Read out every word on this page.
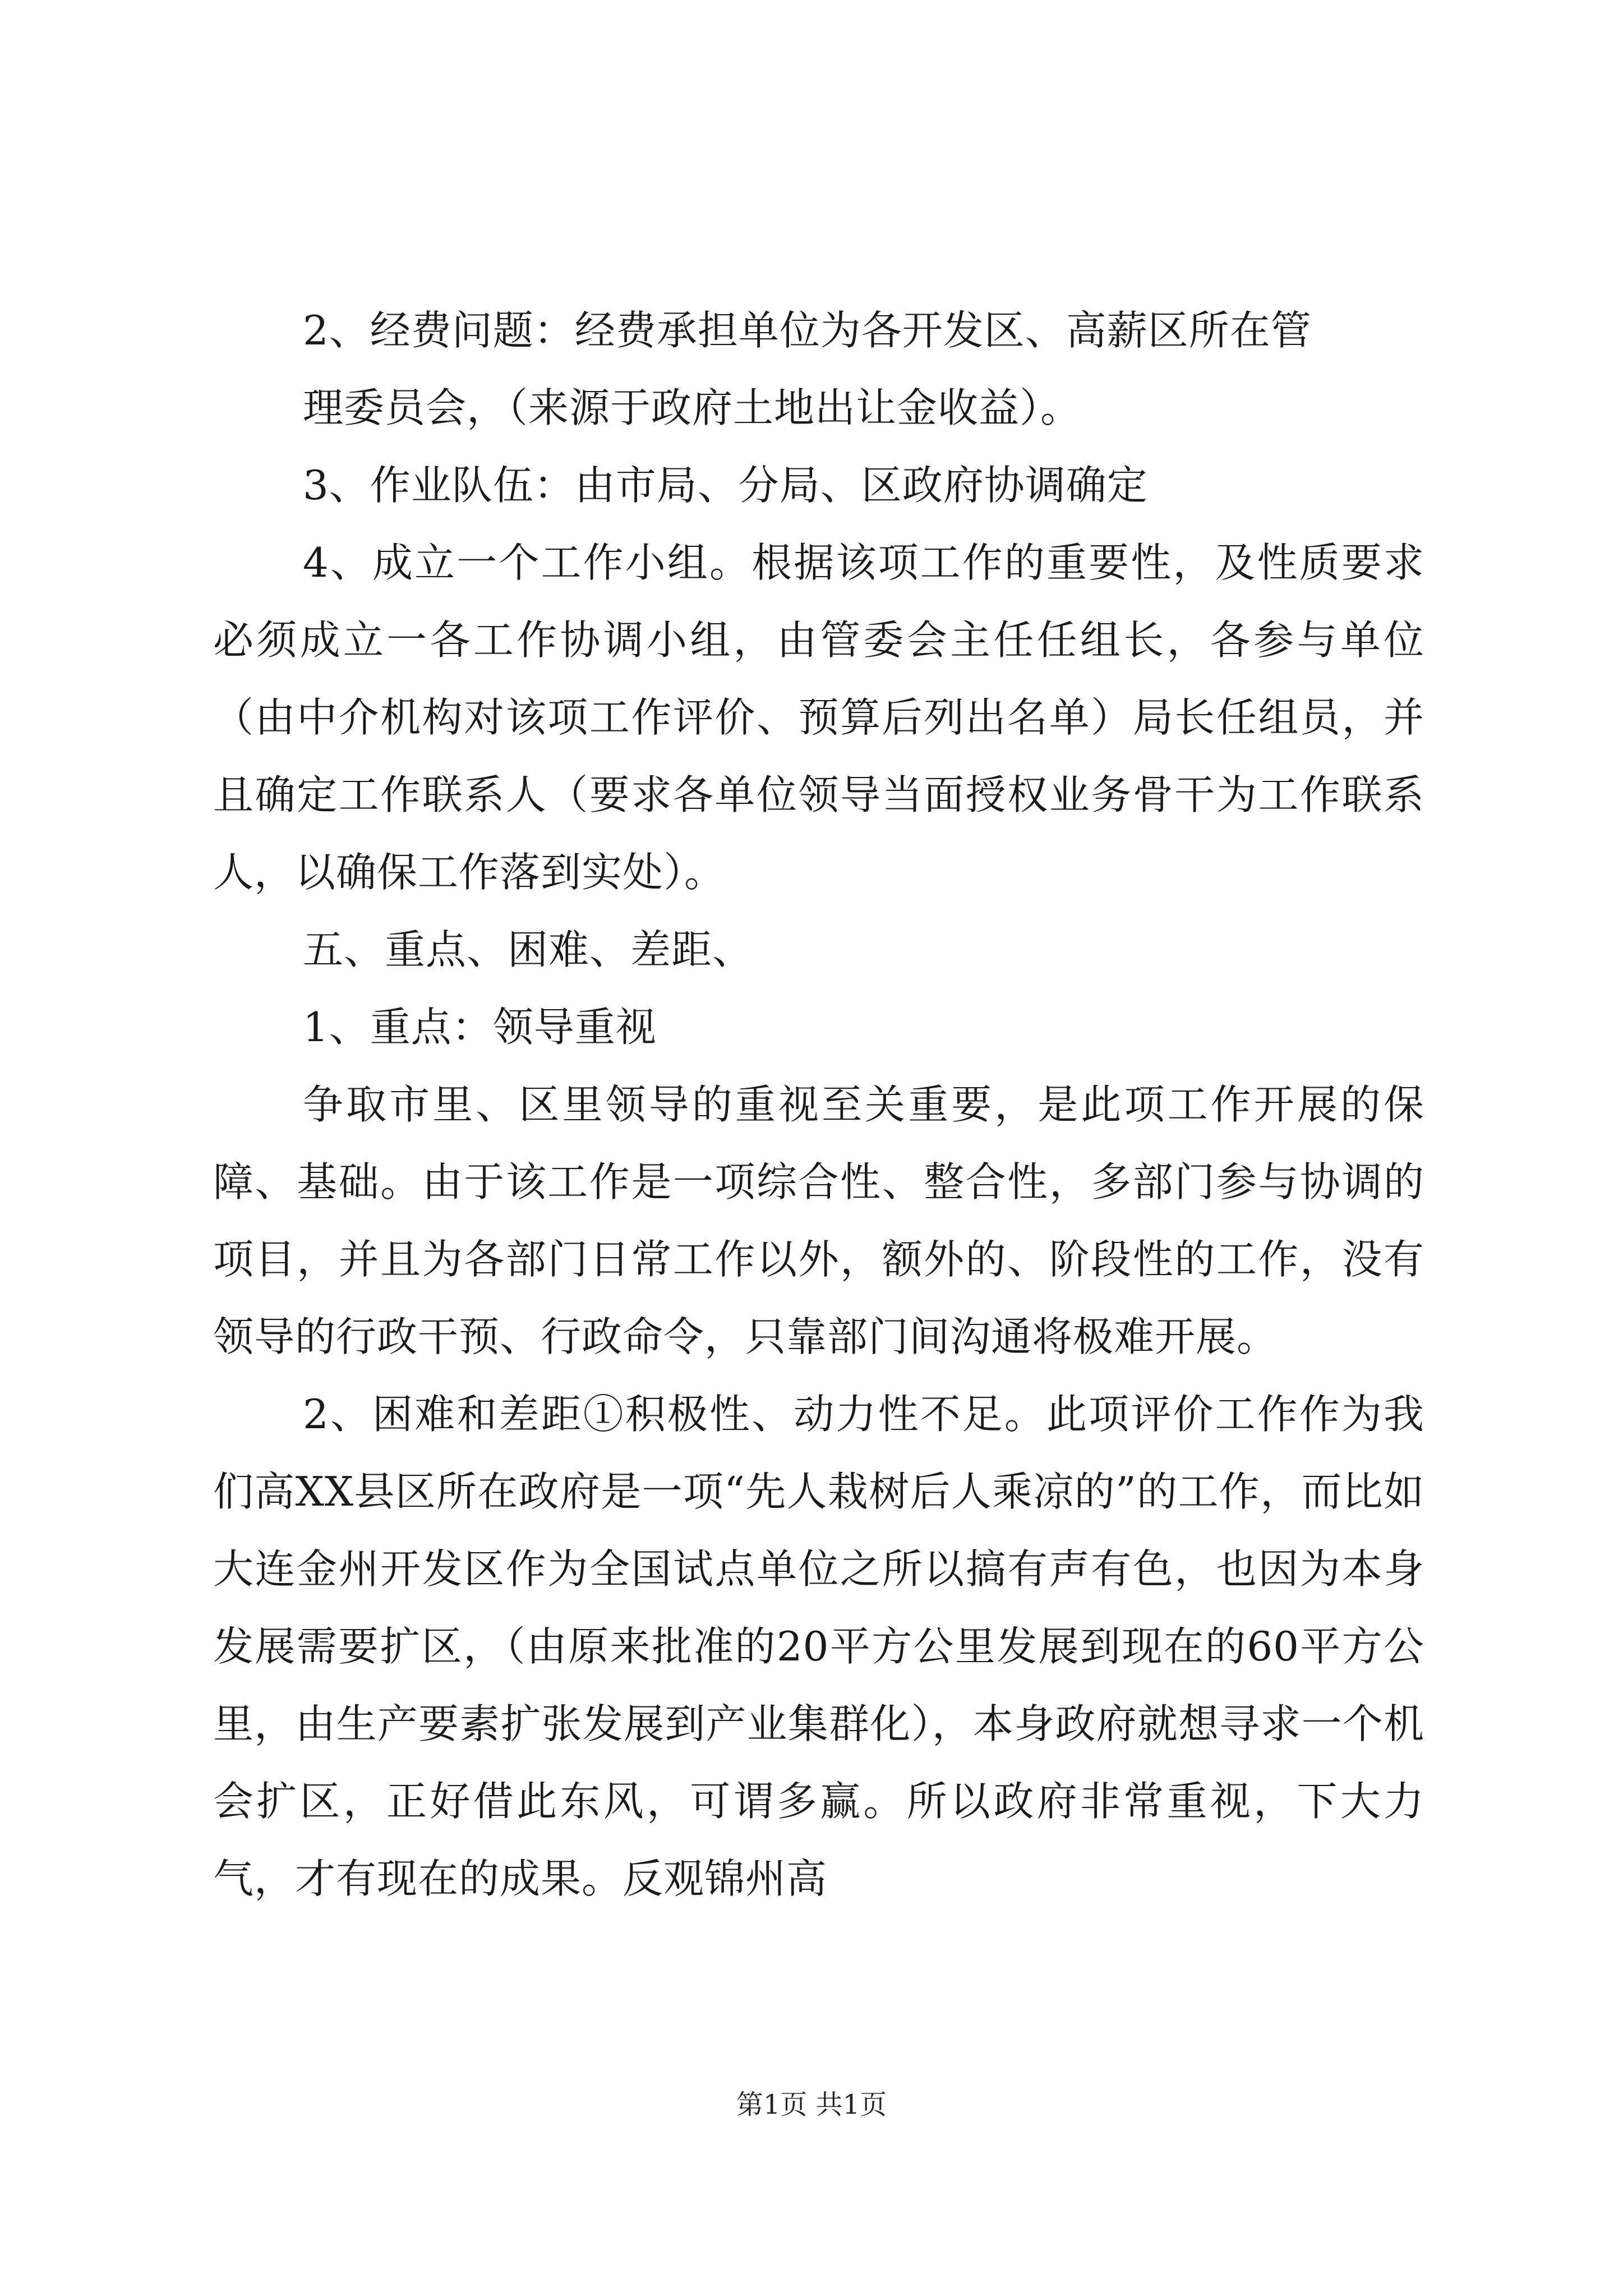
2、经费问题：经费承担单位为各开发区、高薪区所在管

理委员会，（来源于政府土地出让金收益）。

3、作业队伍：由市局、分局、区政府协调确定

4、成立一个工作小组。根据该项工作的重要性，及性质要求必须成立一各工作协调小组，由管委会主任任组长，各参与单位（由中介机构对该项工作评价、预算后列出名单）局长任组员，并且确定工作联系人（要求各单位领导当面授权业务骨干为工作联系人，以确保工作落到实处）。

五、重点、困难、差距、

1、重点：领导重视

争取市里、区里领导的重视至关重要，是此项工作开展的保障、基础。由于该工作是一项综合性、整合性，多部门参与协调的项目，并且为各部门日常工作以外，额外的、阶段性的工作，没有领导的行政干预、行政命令，只靠部门间沟通将极难开展。

2、困难和差距①积极性、动力性不足。此项评价工作作为我们高XX县区所在政府是一项“先人栽树后人乘凉的”的工作，而比如大连金州开发区作为全国试点单位之所以搞有声有色，也因为本身发展需要扩区，（由原来批准的20平方公里发展到现在的60平方公里，由生产要素扩张发展到产业集群化），本身政府就想寻求一个机会扩区，正好借此东风，可谓多赢。所以政府非常重视，下大力气，才有现在的成果。反观锦州高

第1页 共1页
